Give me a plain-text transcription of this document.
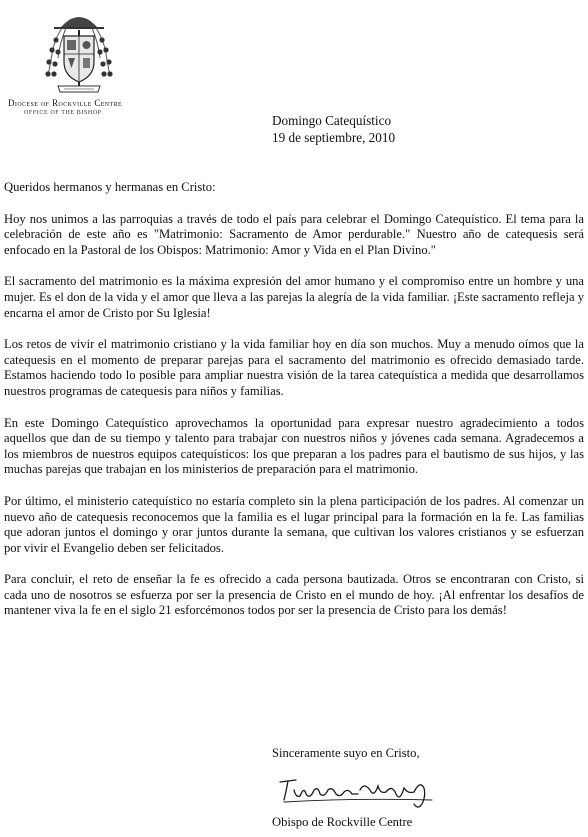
Diocese of Rockville Centre
OFFICE OF THE BISHOP	Domingo Catequístico
19 de septiembre, 2010

Queridos hermanos y hermanas en Cristo:

Hoy nos unimos a las parroquias a través de todo el país para celebrar el Domingo Catequístico. El tema para la celebración de este año es "Matrimonio: Sacramento de Amor perdurable." Nuestro año de catequesis será enfocado en la Pastoral de los Obispos: Matrimonio: Amor y Vida en el Plan Divino."

El sacramento del matrimonio es la máxima expresión del amor humano y el compromiso entre un hombre y una mujer. Es el don de la vida y el amor que lleva a las parejas la alegría de la vida familiar. ¡Este sacramento refleja y encarna el amor de Cristo por Su Iglesia!

Los retos de vivir el matrimonio cristiano y la vida familiar hoy en día son muchos. Muy a menudo oímos que la catequesis en el momento de preparar parejas para el sacramento del matrimonio es ofrecido demasiado tarde. Estamos haciendo todo lo posible para ampliar nuestra visión de la tarea catequística a medida que desarrollamos nuestros programas de catequesis para niños y familias.

En este Domingo Catequístico aprovechamos la oportunidad para expresar nuestro agradecimiento a todos aquellos que dan de su tiempo y talento para trabajar con nuestros niños y jóvenes cada semana. Agradecemos a los miembros de nuestros equipos catequísticos: los que preparan a los padres para el bautismo de sus hijos, y las muchas parejas que trabajan en los ministerios de preparación para el matrimonio.

Por último, el ministerio catequístico no estaría completo sin la plena participación de los padres. Al comenzar un nuevo año de catequesis reconocemos que la familia es el lugar principal para la formación en la fe. Las familias que adoran juntos el domingo y orar juntos durante la semana, que cultivan los valores cristianos y se esfuerzan por vivir el Evangelio deben ser felicitados.

Para concluir, el reto de enseñar la fe es ofrecido a cada persona bautizada. Otros se encontraran con Cristo, si cada uno de nosotros se esfuerza por ser la presencia de Cristo en el mundo de hoy. ¡Al enfrentar los desafíos de mantener viva la fe en el siglo 21 esforcémonos todos por ser la presencia de Cristo para los demás!

Sinceramente suyo en Cristo,
Obispo de Rockville Centre
